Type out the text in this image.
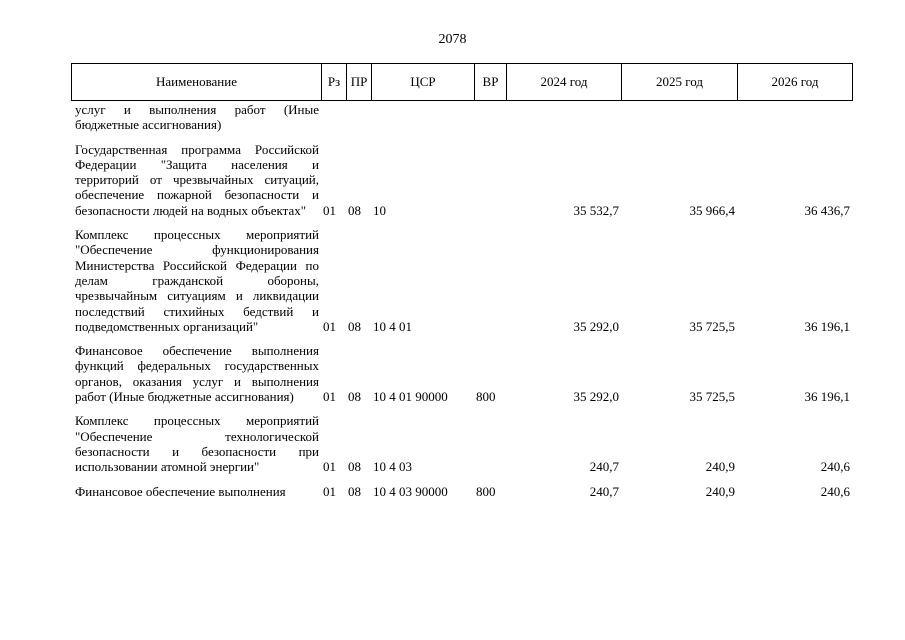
2078
Наименование	Рз	ПР	ЦСР	ВР	2024 год	2025 год	2026 год
услуг и выполнения работ (Иные бюджетные ассигнования)							
Государственная программа Российской Федерации "Защита населения и территорий от чрезвычайных ситуаций, обеспечение пожарной безопасности и безопасности людей на водных объектах"	01	08	10		35 532,7	35 966,4	36 436,7
Комплекс процессных мероприятий "Обеспечение функционирования Министерства Российской Федерации по делам гражданской обороны, чрезвычайным ситуациям и ликвидации последствий стихийных бедствий и подведомственных организаций"	01	08	10 4 01		35 292,0	35 725,5	36 196,1
Финансовое обеспечение выполнения функций федеральных государственных органов, оказания услуг и выполнения работ (Иные бюджетные ассигнования)	01	08	10 4 01 90000	800	35 292,0	35 725,5	36 196,1
Комплекс процессных мероприятий "Обеспечение технологической безопасности и безопасности при использовании атомной энергии"	01	08	10 4 03		240,7	240,9	240,6
Финансовое обеспечение выполнения	01	08	10 4 03 90000	800	240,7	240,9	240,6
